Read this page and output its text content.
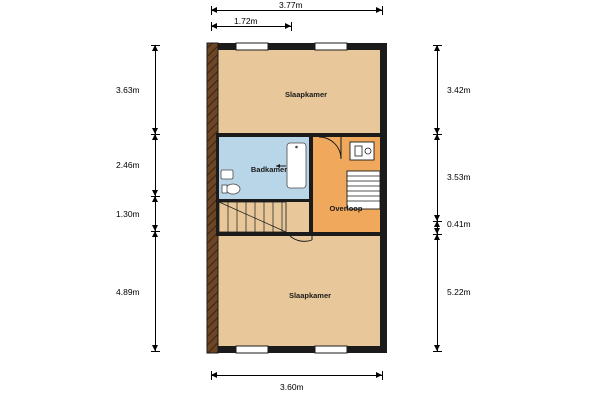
Slaapkamer
Badkamer
Overloop
Slaapkamer
3.77m
1.72m
3.60m
3.63m
2.46m
1.30m
4.89m
3.42m
3.53m
0.41m
5.22m
